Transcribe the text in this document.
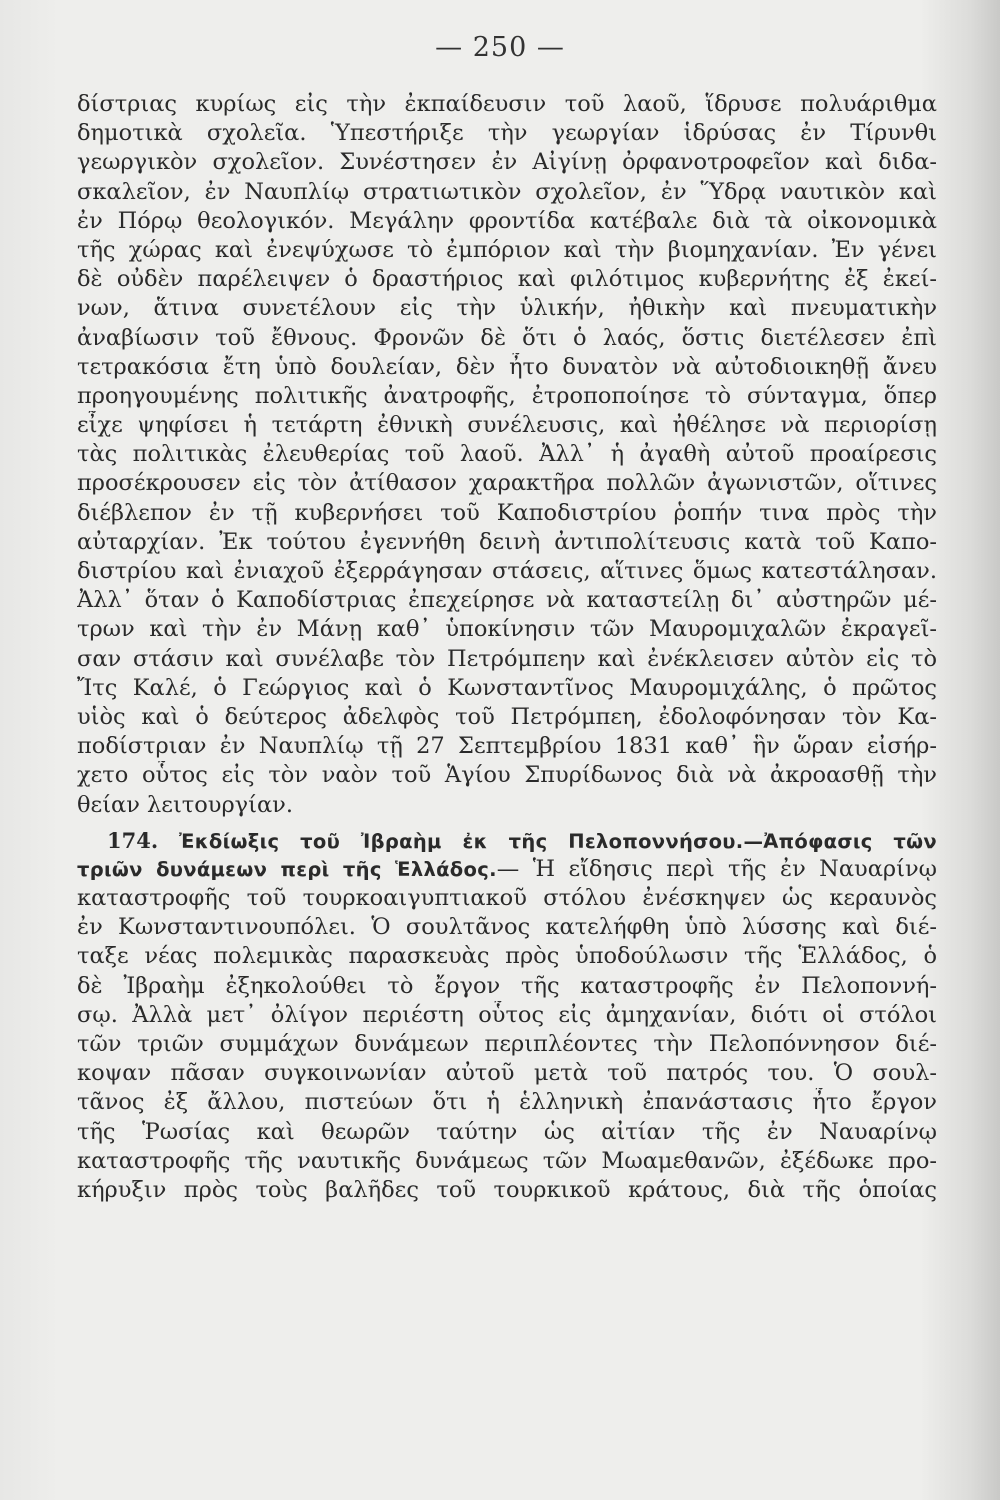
— 250 —
δίστριας κυρίως εἰς τὴν ἐκπαίδευσιν τοῦ λαοῦ, ἵδρυσε πολυάριθμα
δημοτικὰ σχολεῖα. Ὑπεστήριξε τὴν γεωργίαν ἱδρύσας ἐν Τίρυνθι
γεωργικὸν σχολεῖον. Συνέστησεν ἐν Αἰγίνῃ ὀρφανοτροφεῖον καὶ διδα-
σκαλεῖον, ἐν Ναυπλίῳ στρατιωτικὸν σχολεῖον, ἐν Ὕδρᾳ ναυτικὸν καὶ
ἐν Πόρῳ θεολογικόν. Μεγάλην φροντίδα κατέβαλε διὰ τὰ οἰκονομικὰ
τῆς χώρας καὶ ἐνεψύχωσε τὸ ἐμπόριον καὶ τὴν βιομηχανίαν. Ἐν γένει
δὲ οὐδὲν παρέλειψεν ὁ δραστήριος καὶ φιλότιμος κυβερνήτης ἐξ ἐκεί-
νων, ἅτινα συνετέλουν εἰς τὴν ὑλικήν, ἠθικὴν καὶ πνευματικὴν
ἀναβίωσιν τοῦ ἔθνους. Φρονῶν δὲ ὅτι ὁ λαός, ὅστις διετέλεσεν ἐπὶ
τετρακόσια ἔτη ὑπὸ δουλείαν, δὲν ἦτο δυνατὸν νὰ αὐτοδιοικηθῇ ἄνευ
προηγουμένης πολιτικῆς ἀνατροφῆς, ἐτροποποίησε τὸ σύνταγμα, ὅπερ
εἶχε ψηφίσει ἡ τετάρτη ἐθνικὴ συνέλευσις, καὶ ἠθέλησε νὰ περιορίσῃ
τὰς πολιτικὰς ἐλευθερίας τοῦ λαοῦ. Ἀλλ᾽ ἡ ἀγαθὴ αὐτοῦ προαίρεσις
προσέκρουσεν εἰς τὸν ἀτίθασον χαρακτῆρα πολλῶν ἀγωνιστῶν, οἵτινες
διέβλεπον ἐν τῇ κυβερνήσει τοῦ Καποδιστρίου ῥοπήν τινα πρὸς τὴν
αὐταρχίαν. Ἐκ τούτου ἐγεννήθη δεινὴ ἀντιπολίτευσις κατὰ τοῦ Καπο-
διστρίου καὶ ἐνιαχοῦ ἐξερράγησαν στάσεις, αἵτινες ὅμως κατεστάλησαν.
Ἀλλ᾽ ὅταν ὁ Καποδίστριας ἐπεχείρησε νὰ καταστείλῃ δι᾽ αὐστηρῶν μέ-
τρων καὶ τὴν ἐν Μάνῃ καθ᾽ ὑποκίνησιν τῶν Μαυρομιχαλῶν ἐκραγεῖ-
σαν στάσιν καὶ συνέλαβε τὸν Πετρόμπεην καὶ ἐνέκλεισεν αὐτὸν εἰς τὸ
Ἴτς Καλέ, ὁ Γεώργιος καὶ ὁ Κωνσταντῖνος Μαυρομιχάλης, ὁ πρῶτος
υἱὸς καὶ ὁ δεύτερος ἀδελφὸς τοῦ Πετρόμπεη, ἐδολοφόνησαν τὸν Κα-
ποδίστριαν ἐν Ναυπλίῳ τῇ 27 Σεπτεμβρίου 1831 καθ᾽ ἣν ὥραν εἰσήρ-
χετο οὗτος εἰς τὸν ναὸν τοῦ Ἁγίου Σπυρίδωνος διὰ νὰ ἀκροασθῇ τὴν
θείαν λειτουργίαν.
174. Ἐκδίωξις τοῦ Ἰβραὴμ ἐκ τῆς Πελοποννήσου.—Ἀπόφασις τῶν
τριῶν δυνάμεων περὶ τῆς Ἑλλάδος.— Ἡ εἴδησις περὶ τῆς ἐν Ναυαρίνῳ
καταστροφῆς τοῦ τουρκοαιγυπτιακοῦ στόλου ἐνέσκηψεν ὡς κεραυνὸς
ἐν Κωνσταντινουπόλει. Ὁ σουλτᾶνος κατελήφθη ὑπὸ λύσσης καὶ διέ-
ταξε νέας πολεμικὰς παρασκευὰς πρὸς ὑποδούλωσιν τῆς Ἑλλάδος, ὁ
δὲ Ἰβραὴμ ἐξηκολούθει τὸ ἔργον τῆς καταστροφῆς ἐν Πελοποννή-
σῳ. Ἀλλὰ μετ᾽ ὀλίγον περιέστη οὗτος εἰς ἀμηχανίαν, διότι οἱ στόλοι
τῶν τριῶν συμμάχων δυνάμεων περιπλέοντες τὴν Πελοπόννησον διέ-
κοψαν πᾶσαν συγκοινωνίαν αὐτοῦ μετὰ τοῦ πατρός του. Ὁ σουλ-
τᾶνος ἐξ ἄλλου, πιστεύων ὅτι ἡ ἑλληνικὴ ἐπανάστασις ἦτο ἔργον
τῆς Ῥωσίας καὶ θεωρῶν ταύτην ὡς αἰτίαν τῆς ἐν Ναυαρίνῳ
καταστροφῆς τῆς ναυτικῆς δυνάμεως τῶν Μωαμεθανῶν, ἐξέδωκε προ-
κήρυξιν πρὸς τοὺς βαλῆδες τοῦ τουρκικοῦ κράτους, διὰ τῆς ὁποίας
